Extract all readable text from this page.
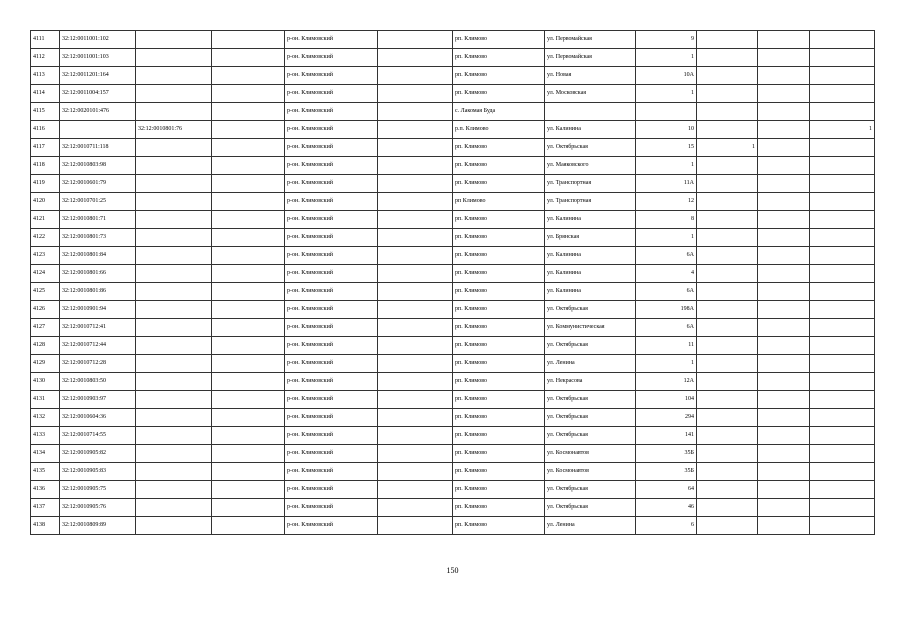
4111	32:12:0011001:102			р-он. Климовский		рп. Климово	ул. Первомайская	9			
4112	32:12:0011001:103			р-он. Климовский		рп. Климово	ул. Первомайская	1			
4113	32:12:0011201:164			р-он. Климовский		рп. Климово	ул. Новая	10А			
4114	32:12:0011004:157			р-он. Климовский		рп. Климово	ул. Московская	1			
4115	32:12:0020101:476			р-он. Климовский		с. Лакомая Буда					
4116		32:12:0010801:76		р-он. Климовский		р.п. Климово	ул. Калинина	10			1
4117	32:12:0010711:118			р-он. Климовский		рп. Климово	ул. Октябрьская	15	1		
4118	32:12:0010803:98			р-он. Климовский		рп. Климово	ул. Маяковского	1			
4119	32:12:0010601:79			р-он. Климовский		рп. Климово	ул. Транспортная	11А			
4120	32:12:0010701:25			р-он. Климовский		рп Климово	ул. Транспортная	12			
4121	32:12:0010801:71			р-он. Климовский		рп. Климово	ул. Калинина	8			
4122	32:12:0010801:73			р-он. Климовский		рп. Климово	ул. Брянская	1			
4123	32:12:0010801:84			р-он. Климовский		рп. Климово	ул. Калинина	6А			
4124	32:12:0010801:66			р-он. Климовский		рп. Климово	ул. Калинина	4			
4125	32:12:0010801:86			р-он. Климовский		рп. Климово	ул. Калинина	6А			
4126	32:12:0010901:94			р-он. Климовский		рп. Климово	ул. Октябрьская	198А			
4127	32:12:0010712:41			р-он. Климовский		рп. Климово	ул. Коммунистическая	6А			
4128	32:12:0010712:44			р-он. Климовский		рп. Климово	ул. Октябрьская	11			
4129	32:12:0010712:28			р-он. Климовский		рп. Климово	ул. Ленина	1			
4130	32:12:0010803:50			р-он. Климовский		рп. Климово	ул. Некрасова	12А			
4131	32:12:0010903:97			р-он. Климовский		рп. Климово	ул. Октябрьская	104			
4132	32:12:0010604:36			р-он. Климовский		рп. Климово	ул. Октябрьская	294			
4133	32:12:0010714:55			р-он. Климовский		рп. Климово	ул. Октябрьская	141			
4134	32:12:0010905:82			р-он. Климовский		рп. Климово	ул. Космонавтов	35Б			
4135	32:12:0010905:83			р-он. Климовский		рп. Климово	ул. Космонавтов	35Б			
4136	32:12:0010905:75			р-он. Климовский		рп. Климово	ул. Октябрьская	64			
4137	32:12:0010905:76			р-он. Климовский		рп. Климово	ул. Октябрьская	46			
4138	32:12:0010809:89			р-он. Климовский		рп. Климово	ул. Ленина	6			
150
